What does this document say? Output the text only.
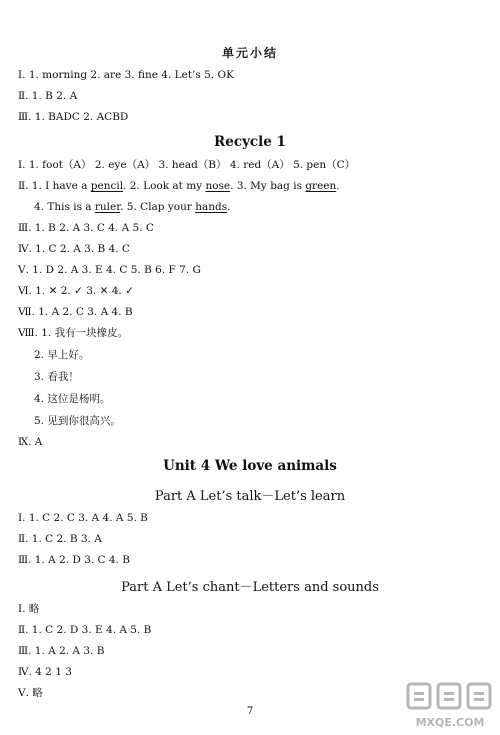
单元小结
Ⅰ. 1. morning 2. are 3. fine 4. Let’s 5. OK
Ⅱ. 1. B 2. A
Ⅲ. 1. BADC 2. ACBD
Recycle 1
Ⅰ. 1. foot（A） 2. eye（A） 3. head（B） 4. red（A） 5. pen（C）
Ⅱ. 1. I have a pencil. 2. Look at my nose. 3. My bag is green.
4. This is a ruler. 5. Clap your hands.
Ⅲ. 1. B 2. A 3. C 4. A 5. C
Ⅳ. 1. C 2. A 3. B 4. C
Ⅴ. 1. D 2. A 3. E 4. C 5. B 6. F 7. G
Ⅵ. 1. ✕ 2. ✓ 3. ✕ 4. ✓
Ⅶ. 1. A 2. C 3. A 4. B
Ⅷ. 1. 我有一块橡皮。
2. 早上好。
3. 看我！
4. 这位是杨明。
5. 见到你很高兴。
Ⅸ. A
Unit 4 We love animals
Part A Let’s talk－Let’s learn
Ⅰ. 1. C 2. C 3. A 4. A 5. B
Ⅱ. 1. C 2. B 3. A
Ⅲ. 1. A 2. D 3. C 4. B
Part A Let’s chant－Letters and sounds
Ⅰ. 略
Ⅱ. 1. C 2. D 3. E 4. A 5. B
Ⅲ. 1. A 2. A 3. B
Ⅳ. 4 2 1 3
Ⅴ. 略
7
MXQE.COM
